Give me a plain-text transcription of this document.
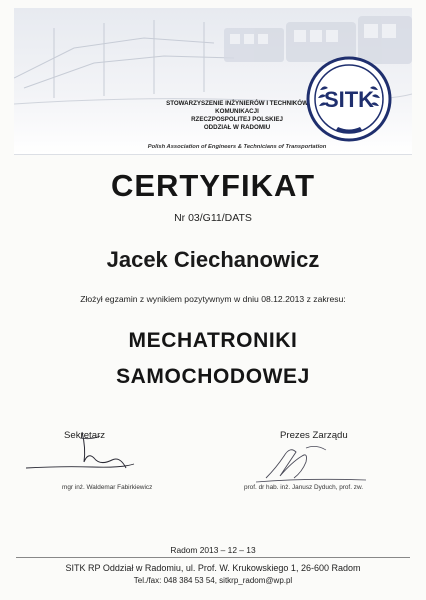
STOWARZYSZENIE INŻYNIERÓW I TECHNIKÓW
KOMUNIKACJI
RZECZPOSPOLITEJ POLSKIEJ
ODDZIAŁ W RADOMIU
Polish Association of Engineers & Technicians of Transportation
SITK
CERTYFIKAT
Nr 03/G11/DATS
Jacek Ciechanowicz
Złożył egzamin z wynikiem pozytywnym w dniu 08.12.2013 z zakresu:
MECHATRONIKI
SAMOCHODOWEJ
Sekretarz
mgr inż. Waldemar Fabirkiewicz
Prezes Zarządu
prof. dr hab. inż. Janusz Dyduch, prof. zw.
Radom 2013 – 12 – 13
SITK RP Oddział w Radomiu, ul. Prof. W. Krukowskiego 1, 26-600 Radom
Tel./fax: 048 384 53 54, sitkrp_radom@wp.pl
